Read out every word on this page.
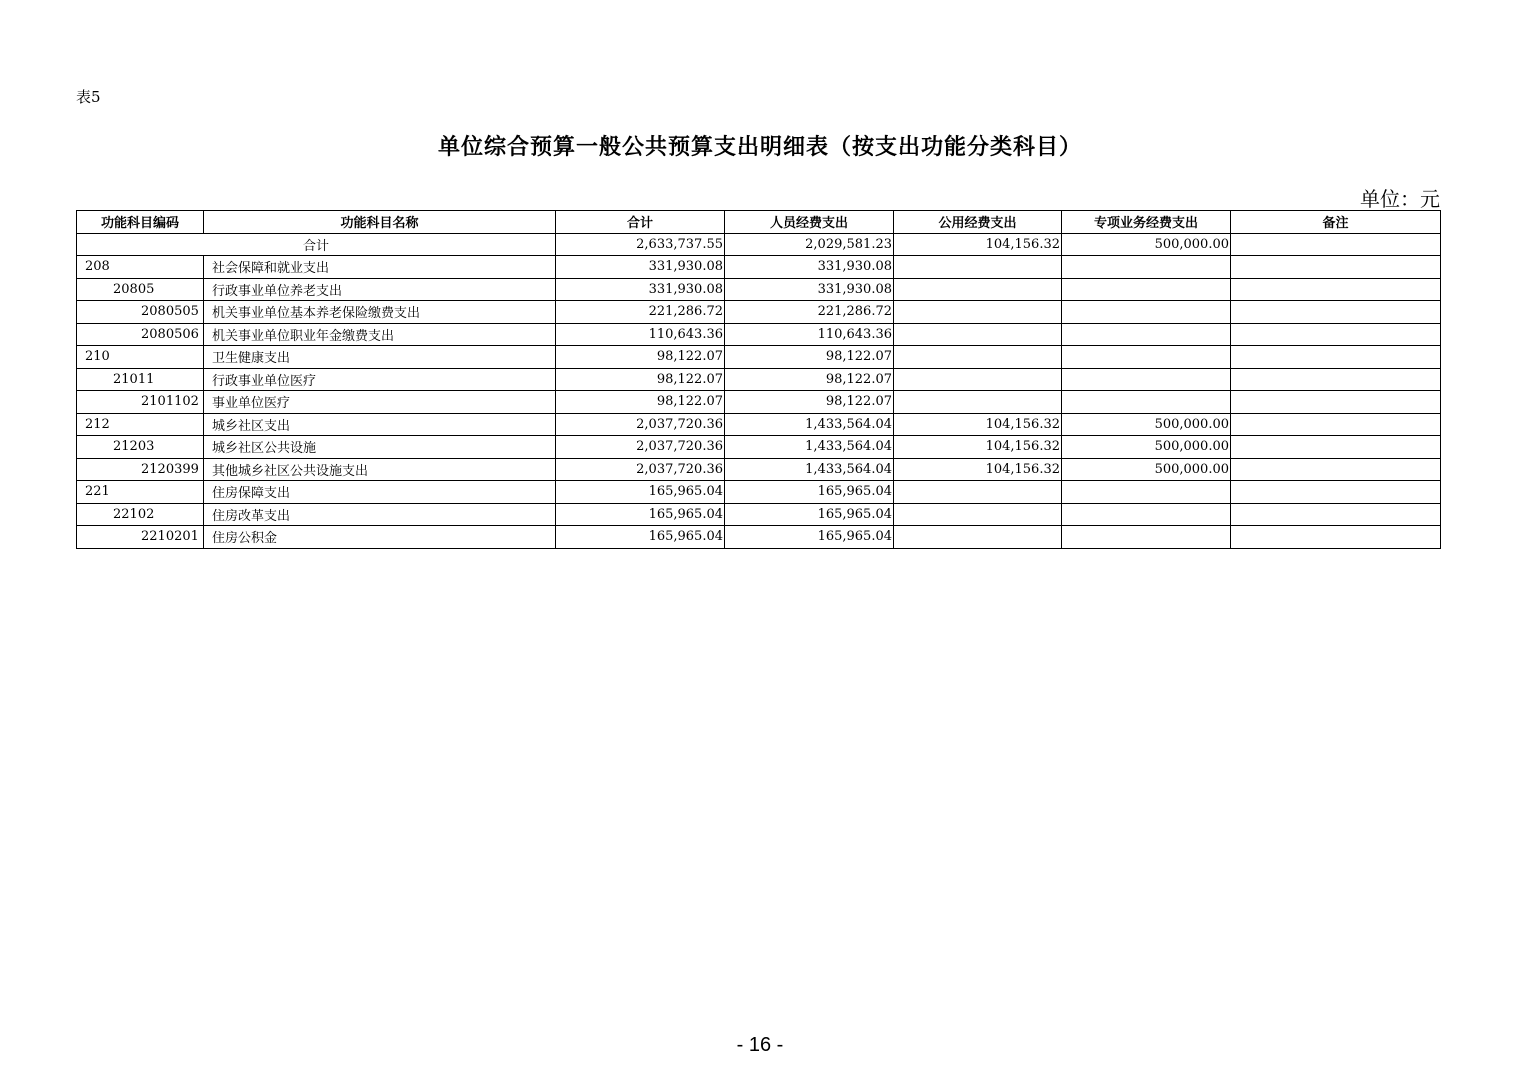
表5
单位综合预算一般公共预算支出明细表（按支出功能分类科目）
单位：元
功能科目编码	功能科目名称	合计	人员经费支出	公用经费支出	专项业务经费支出	备注
合计		2,633,737.55	2,029,581.23	104,156.32	500,000.00	
208	社会保障和就业支出	331,930.08	331,930.08			
20805	行政事业单位养老支出	331,930.08	331,930.08			
2080505	机关事业单位基本养老保险缴费支出	221,286.72	221,286.72			
2080506	机关事业单位职业年金缴费支出	110,643.36	110,643.36			
210	卫生健康支出	98,122.07	98,122.07			
21011	行政事业单位医疗	98,122.07	98,122.07			
2101102	事业单位医疗	98,122.07	98,122.07			
212	城乡社区支出	2,037,720.36	1,433,564.04	104,156.32	500,000.00	
21203	城乡社区公共设施	2,037,720.36	1,433,564.04	104,156.32	500,000.00	
2120399	其他城乡社区公共设施支出	2,037,720.36	1,433,564.04	104,156.32	500,000.00	
221	住房保障支出	165,965.04	165,965.04			
22102	住房改革支出	165,965.04	165,965.04			
2210201	住房公积金	165,965.04	165,965.04			
- 16 -
